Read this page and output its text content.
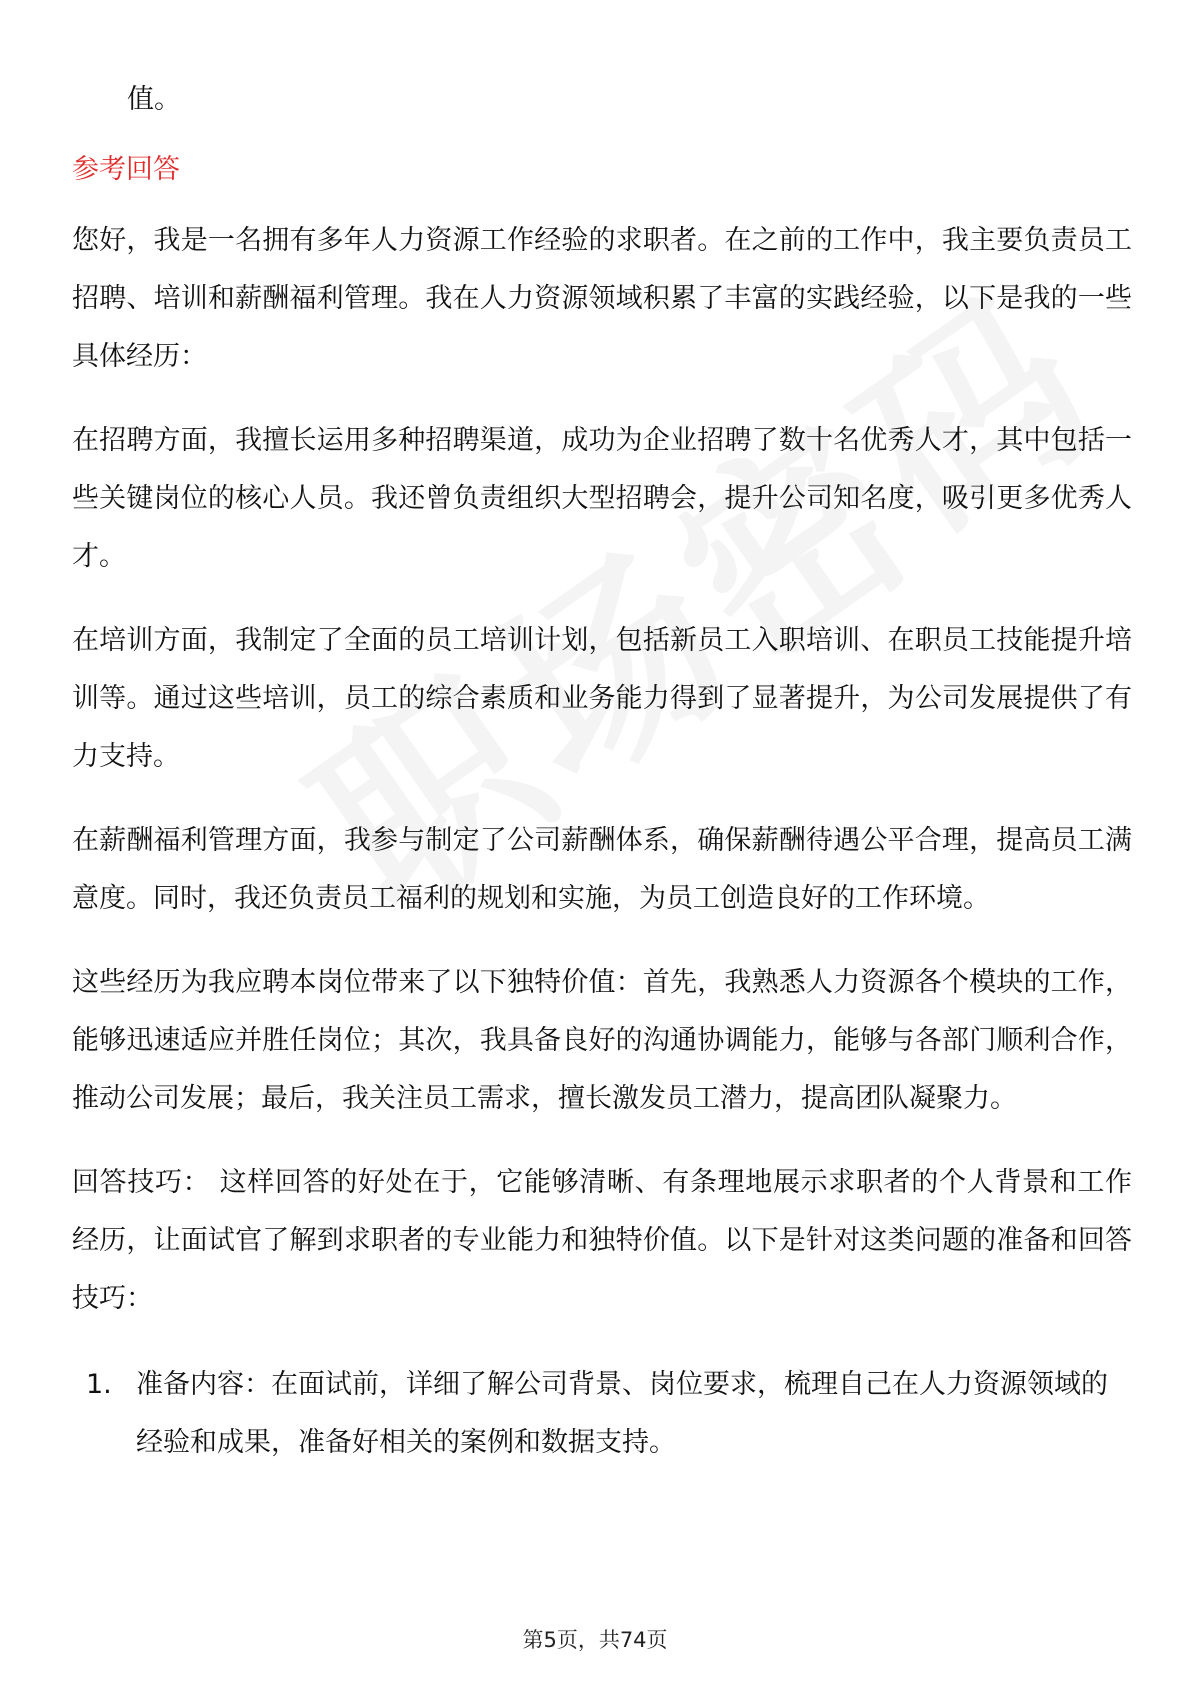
值。
参考回答

您好，我是一名拥有多年人力资源工作经验的求职者。在之前的工作中，我主要负责员工招聘、培训和薪酬福利管理。我在人力资源领域积累了丰富的实践经验，以下是我的一些具体经历：

在招聘方面，我擅长运用多种招聘渠道，成功为企业招聘了数十名优秀人才，其中包括一些关键岗位的核心人员。我还曾负责组织大型招聘会，提升公司知名度，吸引更多优秀人才。

在培训方面，我制定了全面的员工培训计划，包括新员工入职培训、在职员工技能提升培训等。通过这些培训，员工的综合素质和业务能力得到了显著提升，为公司发展提供了有力支持。

在薪酬福利管理方面，我参与制定了公司薪酬体系，确保薪酬待遇公平合理，提高员工满意度。同时，我还负责员工福利的规划和实施，为员工创造良好的工作环境。

这些经历为我应聘本岗位带来了以下独特价值：首先，我熟悉人力资源各个模块的工作，能够迅速适应并胜任岗位；其次，我具备良好的沟通协调能力，能够与各部门顺利合作，推动公司发展；最后，我关注员工需求，擅长激发员工潜力，提高团队凝聚力。

回答技巧： 这样回答的好处在于，它能够清晰、有条理地展示求职者的个人背景和工作经历，让面试官了解到求职者的专业能力和独特价值。以下是针对这类问题的准备和回答技巧：

1. 准备内容：在面试前，详细了解公司背景、岗位要求，梳理自己在人力资源领域的经验和成果，准备好相关的案例和数据支持。
第5页，共74页
